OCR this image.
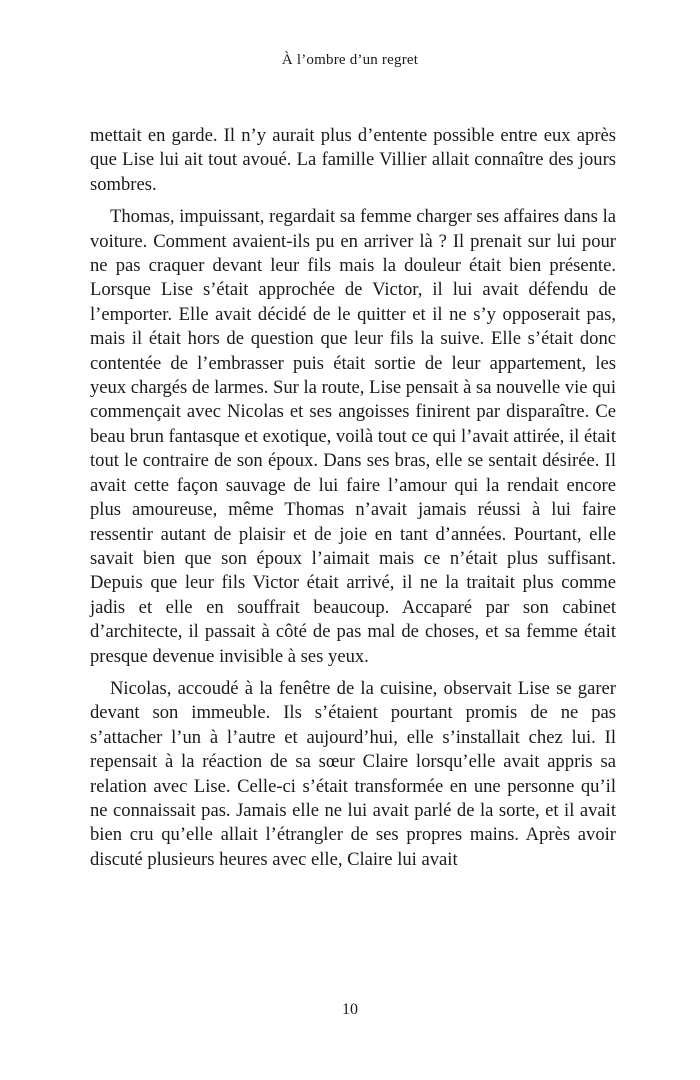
À l’ombre d’un regret

mettait en garde. Il n’y aurait plus d’entente possible entre eux après que Lise lui ait tout avoué. La famille Villier allait connaître des jours sombres.

Thomas, impuissant, regardait sa femme charger ses affaires dans la voiture. Comment avaient-ils pu en arriver là ? Il prenait sur lui pour ne pas craquer devant leur fils mais la douleur était bien présente. Lorsque Lise s’était approchée de Victor, il lui avait défendu de l’emporter. Elle avait décidé de le quitter et il ne s’y opposerait pas, mais il était hors de question que leur fils la suive. Elle s’était donc contentée de l’embrasser puis était sortie de leur appartement, les yeux chargés de larmes. Sur la route, Lise pensait à sa nouvelle vie qui commençait avec Nicolas et ses angoisses finirent par disparaître. Ce beau brun fantasque et exotique, voilà tout ce qui l’avait attirée, il était tout le contraire de son époux. Dans ses bras, elle se sentait désirée. Il avait cette façon sauvage de lui faire l’amour qui la rendait encore plus amoureuse, même Thomas n’avait jamais réussi à lui faire ressentir autant de plaisir et de joie en tant d’années. Pourtant, elle savait bien que son époux l’aimait mais ce n’était plus suffisant. Depuis que leur fils Victor était arrivé, il ne la traitait plus comme jadis et elle en souffrait beaucoup. Accaparé par son cabinet d’architecte, il passait à côté de pas mal de choses, et sa femme était presque devenue invisible à ses yeux.

Nicolas, accoudé à la fenêtre de la cuisine, observait Lise se garer devant son immeuble. Ils s’étaient pourtant promis de ne pas s’attacher l’un à l’autre et aujourd’hui, elle s’installait chez lui. Il repensait à la réaction de sa sœur Claire lorsqu’elle avait appris sa relation avec Lise. Celle-ci s’était transformée en une personne qu’il ne connaissait pas. Jamais elle ne lui avait parlé de la sorte, et il avait bien cru qu’elle allait l’étrangler de ses propres mains. Après avoir discuté plusieurs heures avec elle, Claire lui avait

10
